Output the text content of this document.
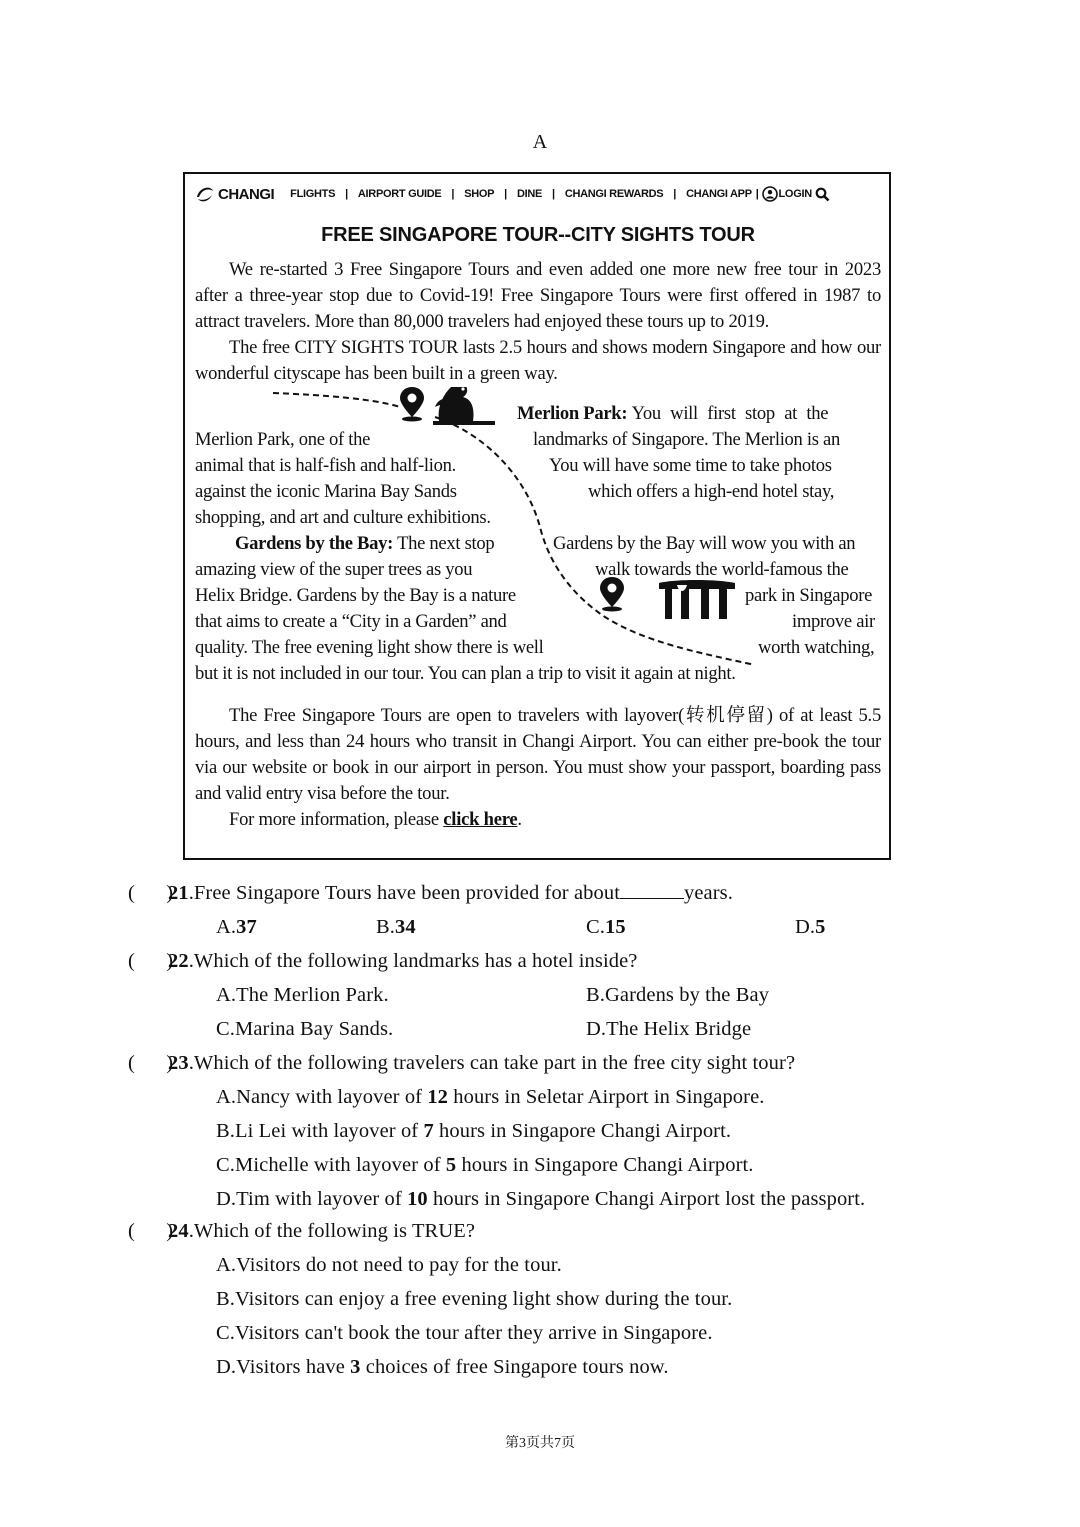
A
CHANGI FLIGHTS | AIRPORT GUIDE | SHOP | DINE | CHANGI REWARDS | CHANGI APP | LOGIN
FREE SINGAPORE TOUR--CITY SIGHTS TOUR

We re-started 3 Free Singapore Tours and even added one more new free tour in 2023 after a three-year stop due to Covid-19! Free Singapore Tours were first offered in 1987 to attract travelers. More than 80,000 travelers had enjoyed these tours up to 2019.

The free CITY SIGHTS TOUR lasts 2.5 hours and shows modern Singapore and how our wonderful cityscape has been built in a green way.

Merlion Park: You will first stop at the
Merlion Park, one of the	landmarks of Singapore. The Merlion is an
animal that is half-fish and half-lion.	You will have some time to take photos
against the iconic Marina Bay Sands	which offers a high-end hotel stay,
shopping, and art and culture exhibitions.
Gardens by the Bay: The next stop	Gardens by the Bay will wow you with an
amazing view of the super trees as you	walk towards the world-famous the
Helix Bridge. Gardens by the Bay is a nature	park in Singapore
that aims to create a “City in a Garden” and	improve air
quality. The free evening light show there is well	worth watching,
but it is not included in our tour. You can plan a trip to visit it again at night.

The Free Singapore Tours are open to travelers with layover(转机停留) of at least 5.5 hours, and less than 24 hours who transit in Changi Airport. You can either pre-book the tour via our website or book in our airport in person. You must show your passport, boarding pass and valid entry visa before the tour.

For more information, please click here.

(      )21.Free Singapore Tours have been provided for about	years.
A.37	B.34	C.15	D.5
(      )22.Which of the following landmarks has a hotel inside?
A.The Merlion Park.	B.Gardens by the Bay
C.Marina Bay Sands.	D.The Helix Bridge
(      )23.Which of the following travelers can take part in the free city sight tour?
A.Nancy with layover of 12 hours in Seletar Airport in Singapore.
B.Li Lei with layover of 7 hours in Singapore Changi Airport.
C.Michelle with layover of 5 hours in Singapore Changi Airport.
D.Tim with layover of 10 hours in Singapore Changi Airport lost the passport.
(      )24.Which of the following is TRUE?
A.Visitors do not need to pay for the tour.
B.Visitors can enjoy a free evening light show during the tour.
C.Visitors can't book the tour after they arrive in Singapore.
D.Visitors have 3 choices of free Singapore tours now.
第3页共7页
